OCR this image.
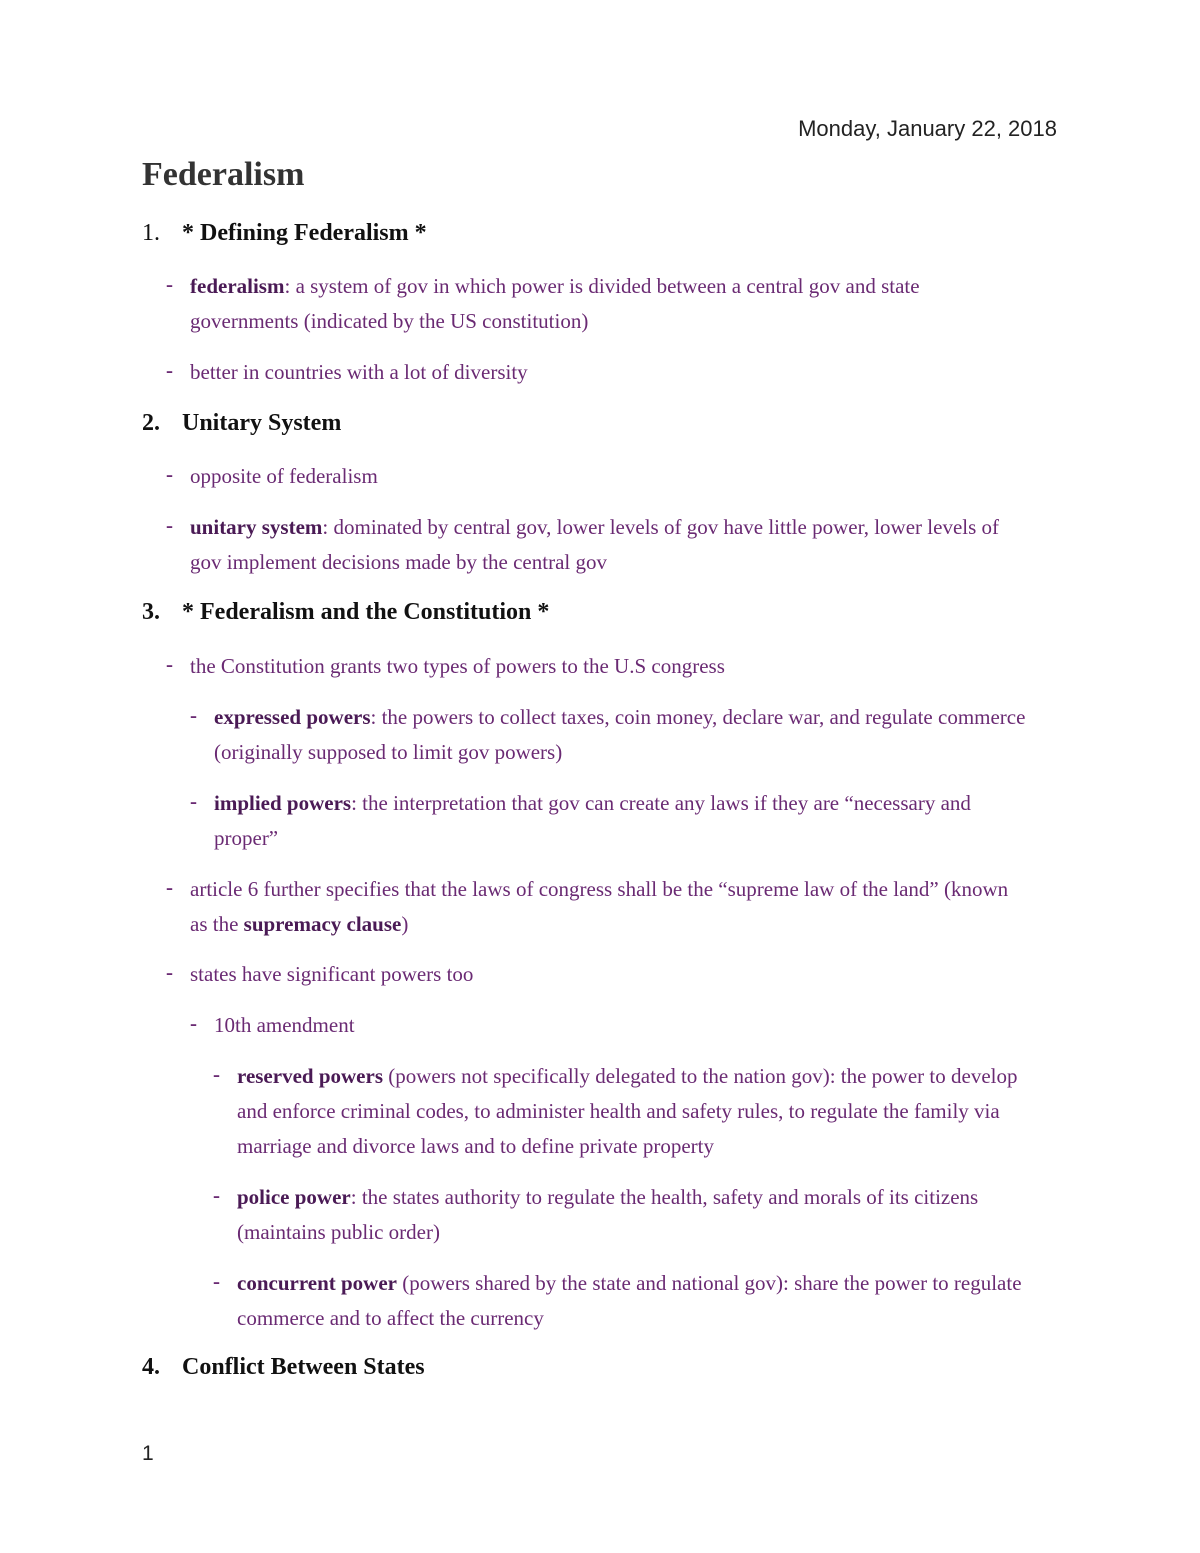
Monday, January 22, 2018
Federalism
1. * Defining Federalism *
- federalism: a system of gov in which power is divided between a central gov and state governments (indicated by the US constitution)
- better in countries with a lot of diversity
2. Unitary System
- opposite of federalism
- unitary system: dominated by central gov, lower levels of gov have little power, lower levels of gov implement decisions made by the central gov
3. * Federalism and the Constitution *
- the Constitution grants two types of powers to the U.S congress
- expressed powers: the powers to collect taxes, coin money, declare war, and regulate commerce (originally supposed to limit gov powers)
- implied powers: the interpretation that gov can create any laws if they are “necessary and proper”
- article 6 further specifies that the laws of congress shall be the “supreme law of the land” (known as the supremacy clause)
- states have significant powers too
- 10th amendment
- reserved powers (powers not specifically delegated to the nation gov): the power to develop and enforce criminal codes, to administer health and safety rules, to regulate the family via marriage and divorce laws and to define private property
- police power: the states authority to regulate the health, safety and morals of its citizens (maintains public order)
- concurrent power (powers shared by the state and national gov): share the power to regulate commerce and to affect the currency
4. Conflict Between States
1
